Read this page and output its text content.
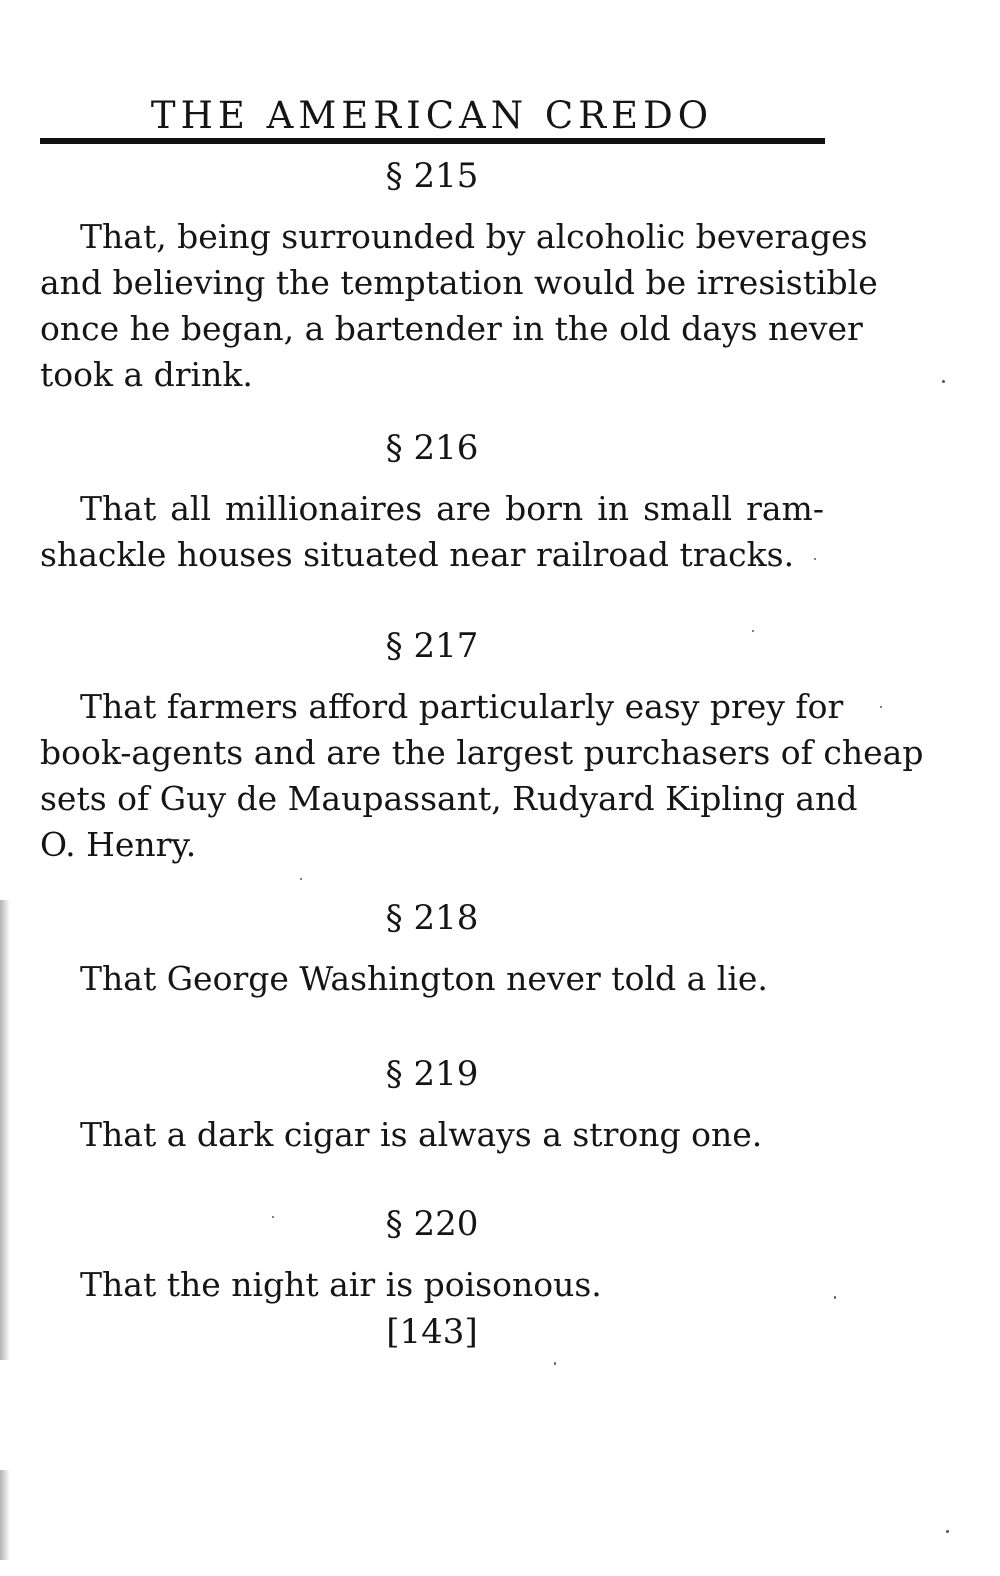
THE AMERICAN CREDO
§ 215
That, being surrounded by alcoholic beverages
and believing the temptation would be irresistible
once he began, a bartender in the old days never
took a drink.
§ 216
That all millionaires are born in small ram-
shackle houses situated near railroad tracks.
§ 217
That farmers afford particularly easy prey for
book-agents and are the largest purchasers of cheap
sets of Guy de Maupassant, Rudyard Kipling and
O. Henry.
§ 218
That George Washington never told a lie.
§ 219
That a dark cigar is always a strong one.
§ 220
That the night air is poisonous.
[143]
